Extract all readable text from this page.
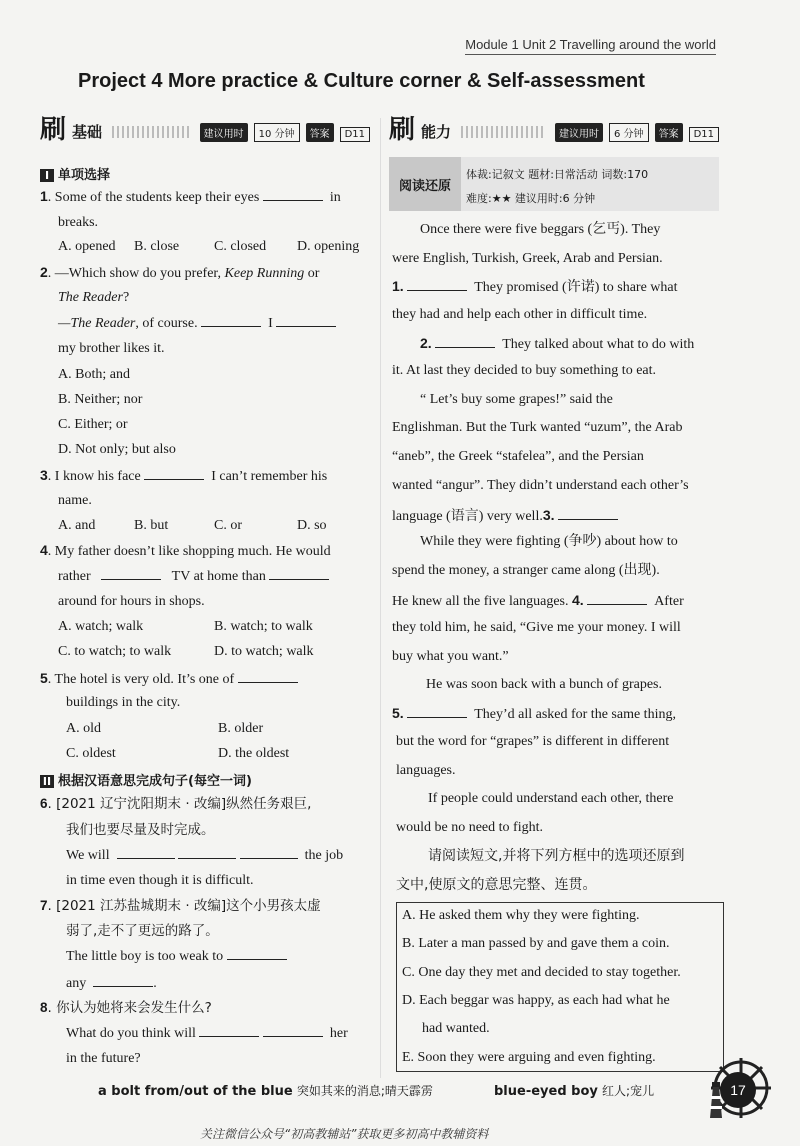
Module 1 Unit 2 Travelling around the world
Project 4 More practice & Culture corner & Self-assessment
刷 基础	建议用时	10 分钟	答案	D11 刷 能力	建议用时	6 分钟	答案	D11
I 单项选择
1. Some of the students keep their eyes	in
breaks.
A. opened B. close C. closed D. opening
2. —Which show do you prefer, Keep Running or
The Reader?
—The Reader, of course.	I
my brother likes it.
A. Both; and
B. Neither; nor
C. Either; or
D. Not only; but also
3. I know his face	I can’t remember his
name.
A. and	B. but	C. or	D. so
4. My father doesn’t like shopping much. He would
rather	TV at home than
around for hours in shops.
A. watch; walk	B. watch; to walk
C. to watch; to walk	D. to watch; walk
5. The hotel is very old. It’s one of
buildings in the city.
A. old	B. older
C. oldest	D. the oldest
II 根据汉语意思完成句子(每空一词)
6. [2021 辽宁沈阳期末 · 改编]纵然任务艰巨,
我们也要尽量及时完成。
We will	the job
in time even though it is difficult.
7. [2021 江苏盐城期末 · 改编]这个小男孩太虚
弱了,走不了更远的路了。
The little boy is too weak to
any	.
8. 你认为她将来会发生什么?
What do you think will	her
in the future?
阅读还原
体裁:记叙文 题材:日常活动 词数:170
难度:★★ 建议用时:6 分钟
Once there were five beggars (乞丐). They
were English, Turkish, Greek, Arab and Persian.
1.	They promised (许诺) to share what
they had and help each other in difficult time.
2.	They talked about what to do with
it. At last they decided to buy something to eat.
“ Let’s buy some grapes!” said the
Englishman. But the Turk wanted “uzum”, the Arab
“aneb”, the Greek “stafelea”, and the Persian
wanted “angur”. They didn’t understand each other’s
language (语言) very well.3.
While they were fighting (争吵) about how to
spend the money, a stranger came along (出现).
He knew all the five languages. 4.	After
they told him, he said, “Give me your money. I will
buy what you want.”
He was soon back with a bunch of grapes.
5.	They’d all asked for the same thing,
but the word for “grapes” is different in different
languages.
If people could understand each other, there
would be no need to fight.
请阅读短文,并将下列方框中的选项还原到
文中,使原文的意思完整、连贯。
A. He asked them why they were fighting.
B. Later a man passed by and gave them a coin.
C. One day they met and decided to stay together.
D. Each beggar was happy, as each had what he
had wanted.
E. Soon they were arguing and even fighting.
a bolt from/out of the blue 突如其来的消息;晴天霹雳	blue-eyed boy 红人;宠儿	17
关注微信公众号“初高教辅站”获取更多初高中教辅资料
